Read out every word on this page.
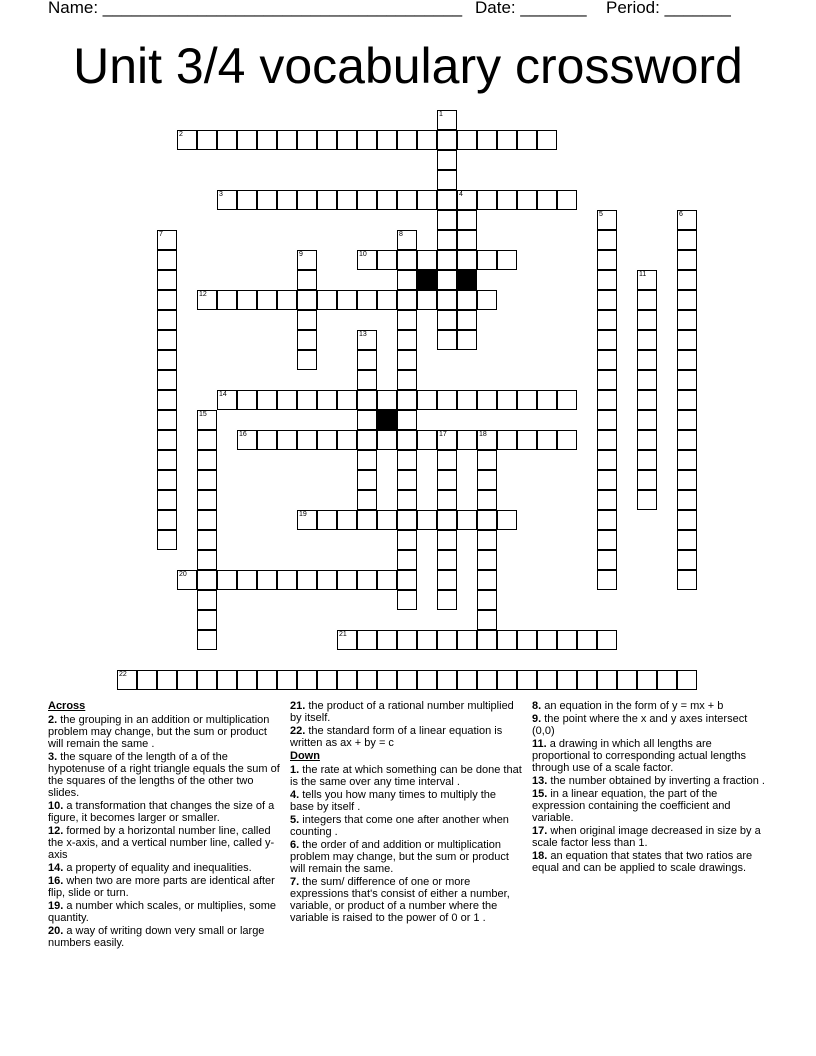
Name: ______________________________________ Date: _______ Period: _______
Unit 3/4 vocabulary crossword
1
2
3	4
5	6
7	8
9	10
11
12
13
14
15
16	17	18
19
20
21
22
Across
2. the grouping in an addition or multiplication problem may change, but the sum or product will remain the same .
3. the square of the length of a of the hypotenuse of a right triangle equals the sum of the squares of the lengths of the other two slides.
10. a transformation that changes the size of a figure, it becomes larger or smaller.
12. formed by a horizontal number line, called the x-axis, and a vertical number line, called y-axis
14. a property of equality and inequalities.
16. when two are more parts are identical after flip, slide or turn.
19. a number which scales, or multiplies, some quantity.
20. a way of writing down very small or large numbers easily.
21. the product of a rational number multiplied by itself.
22. the standard form of a linear equation is written as ax + by = c
Down
1. the rate at which something can be done that is the same over any time interval .
4. tells you how many times to multiply the base by itself .
5. integers that come one after another when counting .
6. the order of and addition or multiplication problem may change, but the sum or product will remain the same.
7. the sum/ difference of one or more expressions that's consist of either a number, variable, or product of a number where the variable is raised to the power of 0 or 1 .
8. an equation in the form of y = mx + b
9. the point where the x and y axes intersect (0,0)
11. a drawing in which all lengths are proportional to corresponding actual lengths through use of a scale factor.
13. the number obtained by inverting a fraction .
15. in a linear equation, the part of the expression containing the coefficient and variable.
17. when original image decreased in size by a scale factor less than 1.
18. an equation that states that two ratios are equal and can be applied to scale drawings.
